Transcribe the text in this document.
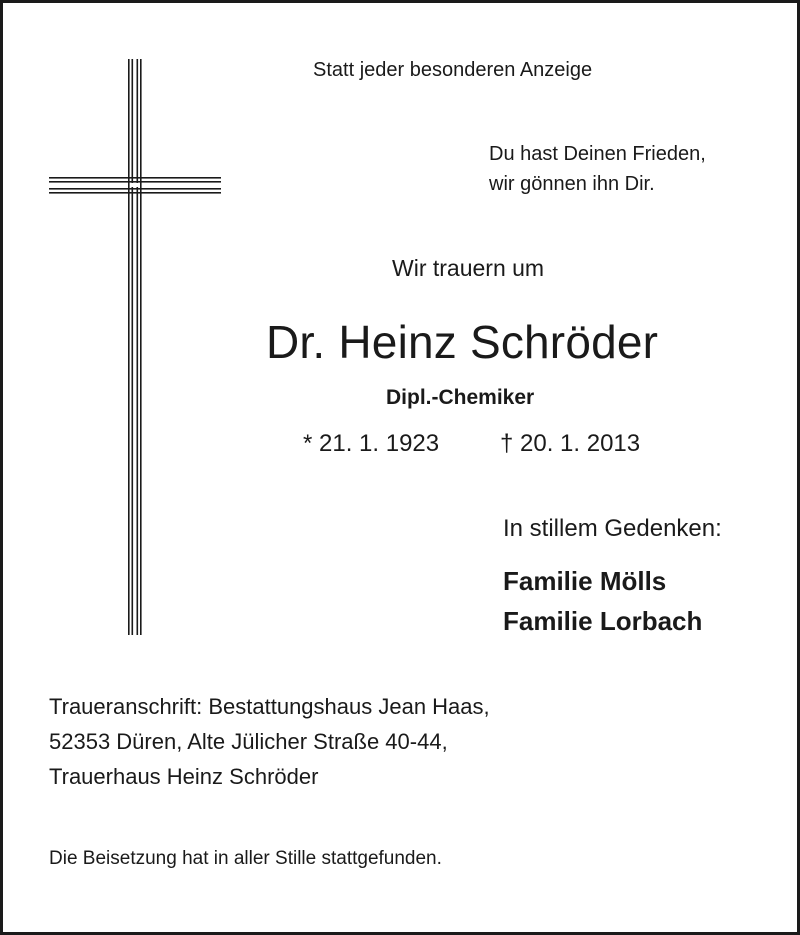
Statt jeder besonderen Anzeige
Du hast Deinen Frieden,
wir gönnen ihn Dir.
Wir trauern um
Dr. Heinz Schröder
Dipl.-Chemiker
* 21. 1. 1923	† 20. 1. 2013
In stillem Gedenken:
Familie Mölls
Familie Lorbach
Traueranschrift: Bestattungshaus Jean Haas,
52353 Düren, Alte Jülicher Straße 40-44,
Trauerhaus Heinz Schröder
Die Beisetzung hat in aller Stille stattgefunden.
